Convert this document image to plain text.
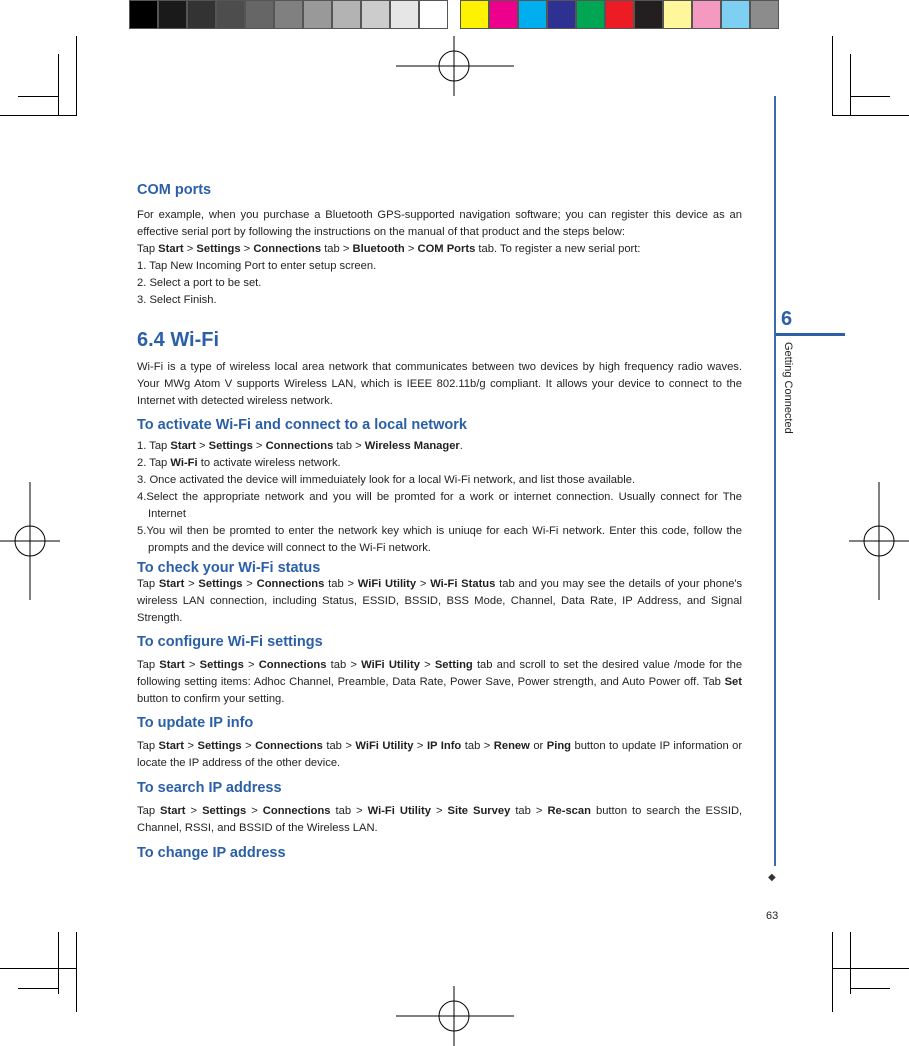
6
Getting Connected
◆
63
COM ports

For example, when you purchase a Bluetooth GPS-supported navigation software; you can register this device as an effective serial port by following the instructions on the manual of that product and the steps below:

Tap Start > Settings > Connections tab > Bluetooth > COM Ports tab. To register a new serial port:

1. Tap New Incoming Port to enter setup screen.

2. Select a port to be set.

3. Select Finish.

6.4 Wi-Fi

Wi-Fi is a type of wireless local area network that communicates between two devices by high frequency radio waves. Your MWg Atom V supports Wireless LAN, which is IEEE 802.11b/g compliant. It allows your device to connect to the Internet with detected wireless network.

To activate Wi-Fi and connect to a local network

1. Tap Start > Settings > Connections tab > Wireless Manager.

2. Tap Wi-Fi to activate wireless network.

3. Once activated the device will immeduiately look for a local Wi-Fi network, and list those available.

4.Select the appropriate network and you will be promted for a work or internet connection. Usually connect for The Internet

5.You wil then be promted to enter the network key which is uniuqe for each Wi-Fi network. Enter this code, follow the prompts and the device will connect to the Wi-Fi network.

To check your Wi-Fi status

Tap Start > Settings > Connections tab > WiFi Utility > Wi-Fi Status tab and you may see the details of your phone's wireless LAN connection, including Status, ESSID, BSSID, BSS Mode, Channel, Data Rate, IP Address, and Signal Strength.

To configure Wi-Fi settings

Tap Start > Settings > Connections tab > WiFi Utility > Setting tab and scroll to set the desired value /mode for the following setting items: Adhoc Channel, Preamble, Data Rate, Power Save, Power strength, and Auto Power off. Tab Set button to confirm your setting.

To update IP info

Tap Start > Settings > Connections tab > WiFi Utility > IP Info tab > Renew or Ping button to update IP information or locate the IP address of the other device.

To search IP address

Tap Start > Settings > Connections tab > Wi-Fi Utility > Site Survey tab > Re-scan button to search the ESSID, Channel, RSSI, and BSSID of the Wireless LAN.

To change IP address
